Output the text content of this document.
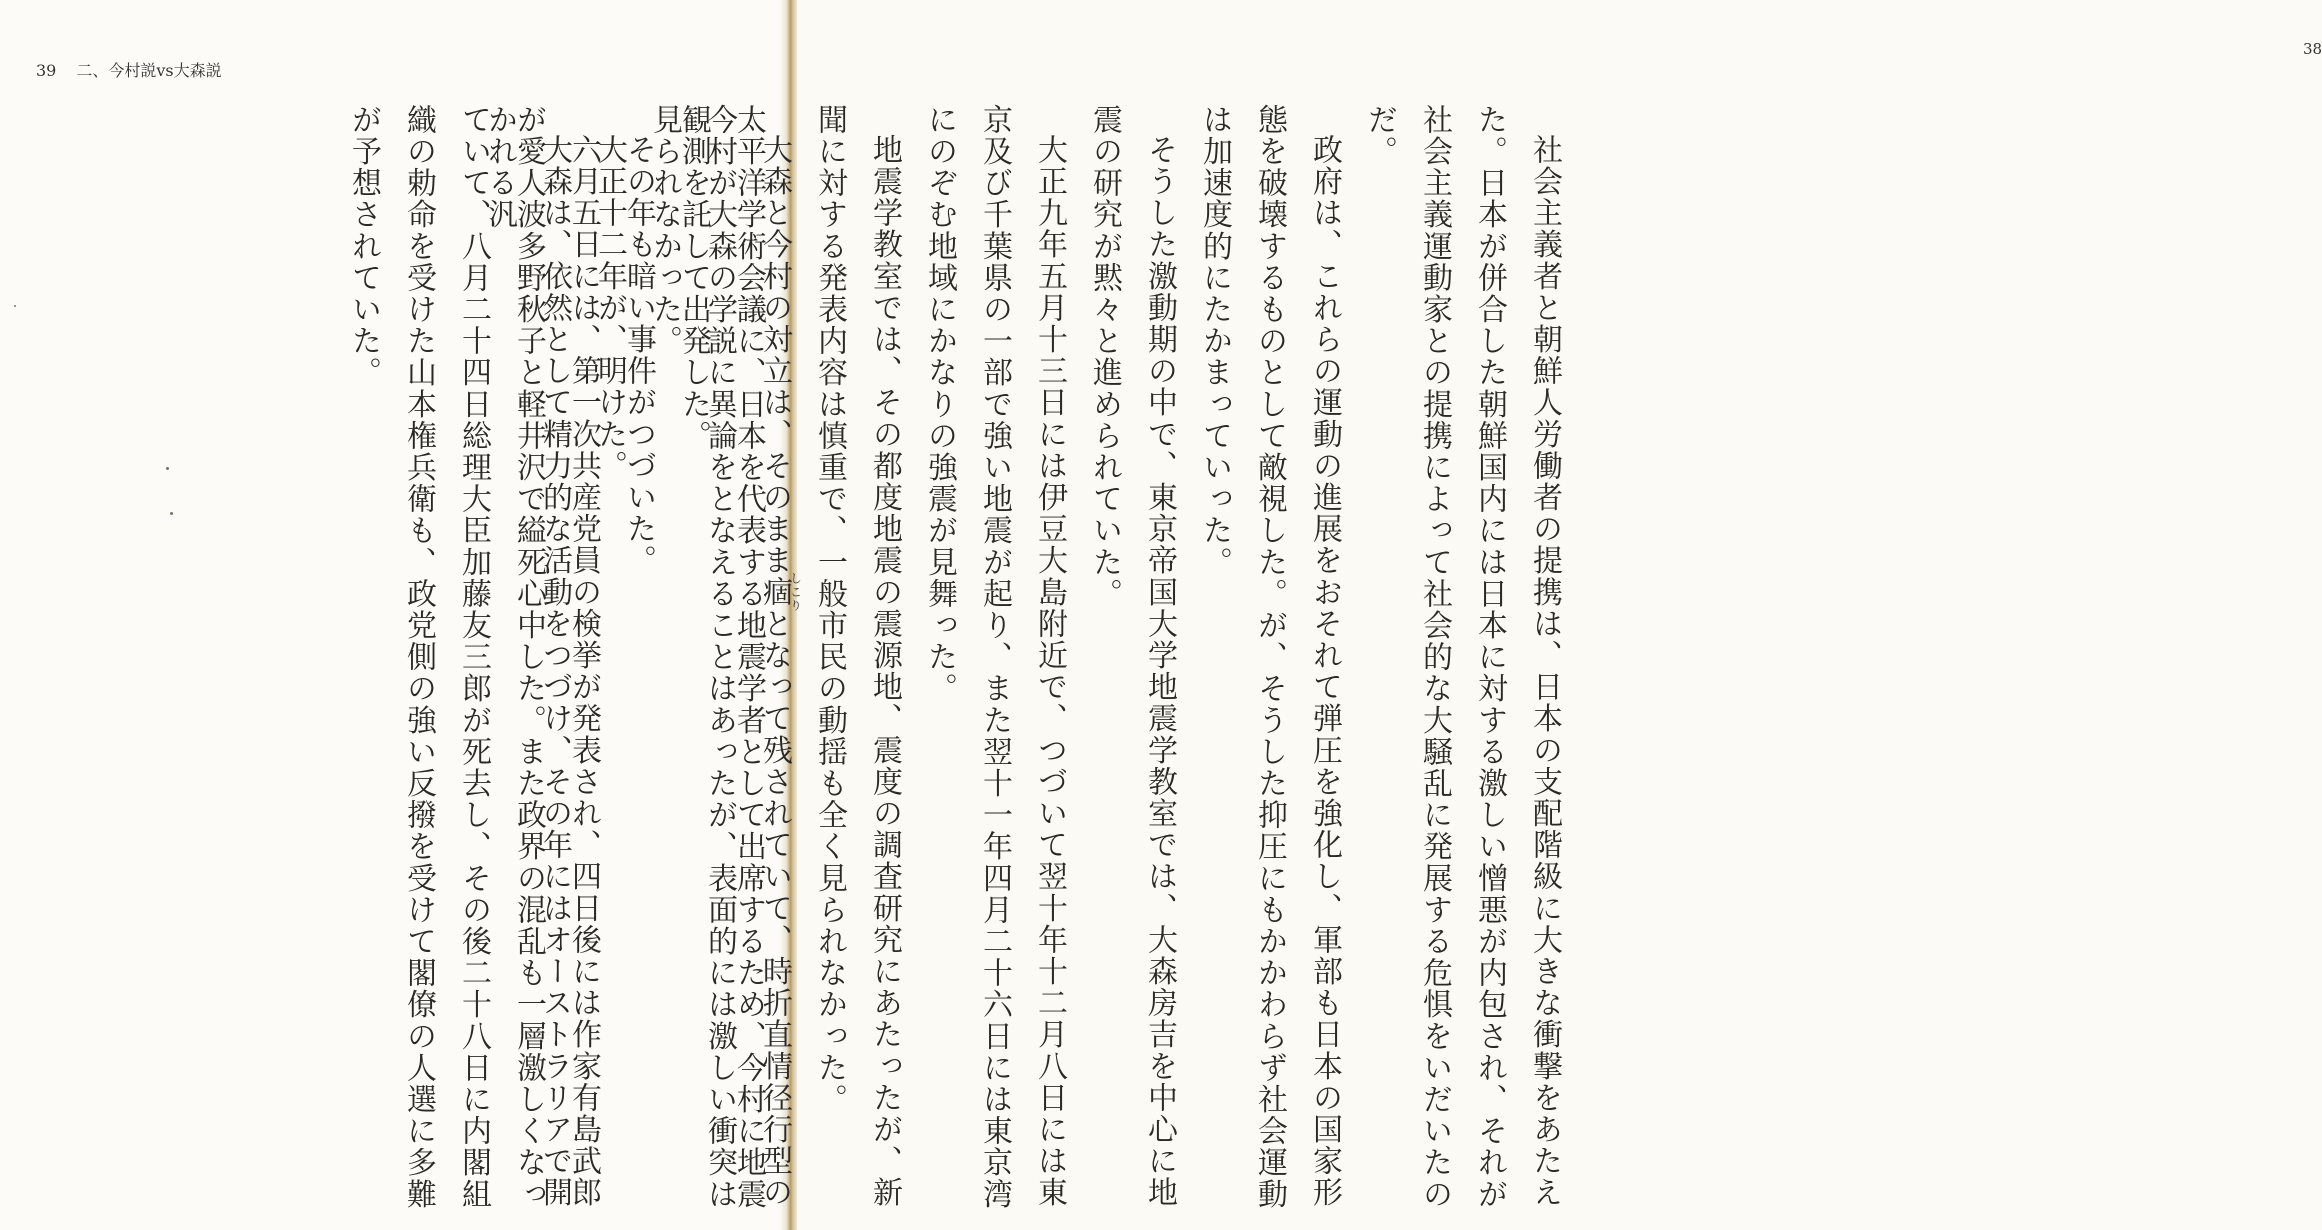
39 二、今村説vs大森説

太平洋学術会議に、日本を代表する地震学者として出席するため、今村に地震観測を託して出発した。

その年も暗い事件がつづいた。

六月五日には、第一次共産党員の検挙が発表され、四日後には作家有島武郎が愛人波多野秋子と軽井沢で縊死心中した。また政界の混乱も一層激しくなっていて、八月二十四日総理大臣加藤友三郎が死去し、その後二十八日に内閣組織の勅命を受けた山本権兵衛も、政党側の強い反撥を受けて閣僚の人選に多難が予想されていた。

38

社会主義者と朝鮮人労働者の提携は、日本の支配階級に大きな衝撃をあたえた。日本が併合した朝鮮国内には日本に対する激しい憎悪が内包され、それが社会主義運動家との提携によって社会的な大騒乱に発展する危惧をいだいたのだ。

政府は、これらの運動の進展をおそれて弾圧を強化し、軍部も日本の国家形態を破壊するものとして敵視した。が、そうした抑圧にもかかわらず社会運動は加速度的にたかまっていった。

そうした激動期の中で、東京帝国大学地震学教室では、大森房吉を中心に地震の研究が黙々と進められていた。

大正九年五月十三日には伊豆大島附近で、つづいて翌十年十二月八日には東京及び千葉県の一部で強い地震が起り、また翌十一年四月二十六日には東京湾にのぞむ地域にかなりの強震が見舞った。

地震学教室では、その都度地震の震源地、震度の調査研究にあたったが、新聞に対する発表内容は慎重で、一般市民の動揺も全く見られなかった。

大森と今村の対立は、そのまま痼しこりとなって残されていて、時折直情径行型の今村が大森の学説に異論をとなえることはあったが、表面的には激しい衝突は見られなかった。

大正十二年が、明けた。

大森は、依然として精力的な活動をつづけ、その年にはオーストラリアで開かれる汎
